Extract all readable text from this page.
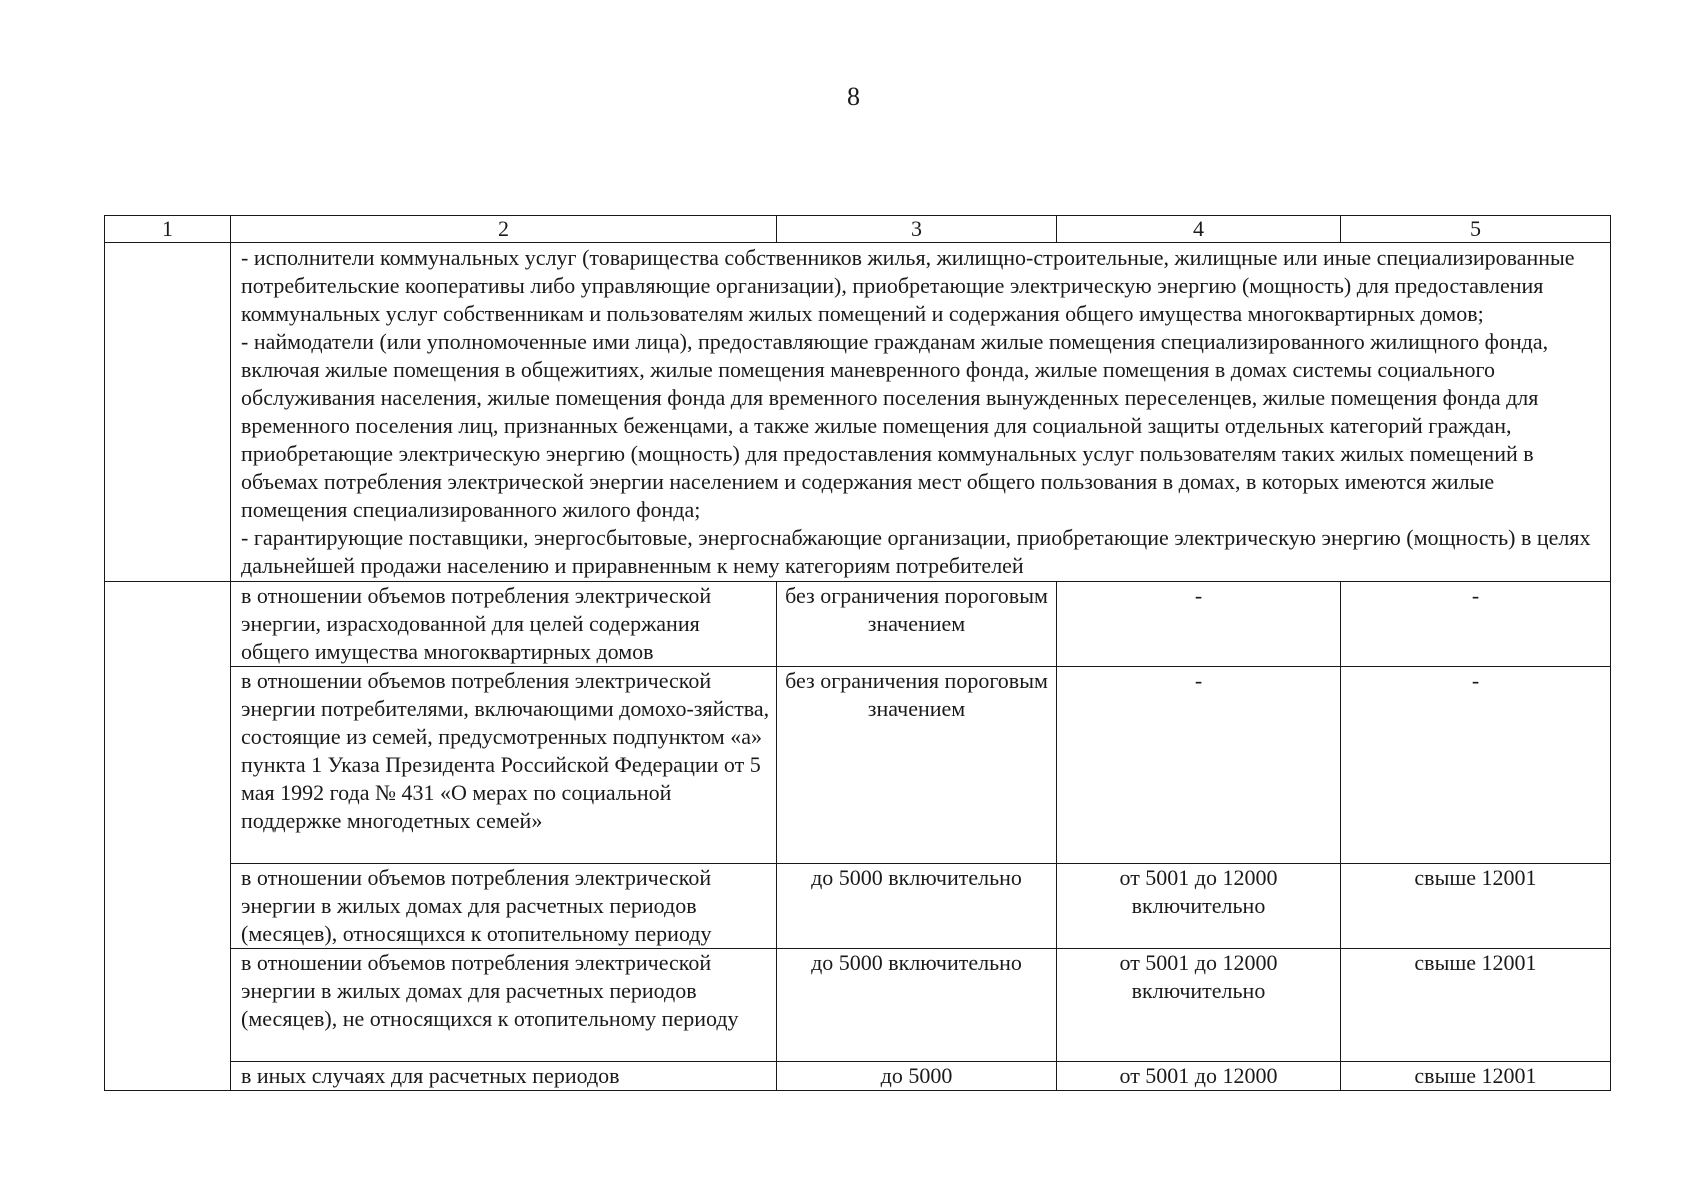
8
1	2	3	4	5

	- исполнители коммунальных услуг (товарищества собственников жилья, жилищно-строительные, жилищные или иные специализированные потребительские кооперативы либо управляющие организации), приобретающие электрическую энергию (мощность) для предоставления коммунальных услуг собственникам и пользователям жилых помещений и содержания общего имущества многоквартирных домов;

- наймодатели (или уполномоченные ими лица), предоставляющие гражданам жилые помещения специализированного жилищного фонда, включая жилые помещения в общежитиях, жилые помещения маневренного фонда, жилые помещения в домах системы социального обслуживания населения, жилые помещения фонда для временного поселения вынужденных переселенцев, жилые помещения фонда для временного поселения лиц, признанных беженцами, а также жилые помещения для социальной защиты отдельных категорий граждан, приобретающие электрическую энергию (мощность) для предоставления коммунальных услуг пользователям таких жилых помещений в объемах потребления электрической энергии населением и содержания мест общего пользования в домах, в которых имеются жилые помещения специализированного жилого фонда;

- гарантирующие поставщики, энергосбытовые, энергоснабжающие организации, приобретающие электрическую энергию (мощность) в целях дальнейшей продажи населению и приравненным к нему категориям потребителей			

	в отношении объемов потребления электрической энергии, израсходованной для целей содержания общего имущества многоквартирных домов	без ограничения пороговым значением	-	-
	в отношении объемов потребления электрической энергии потребителями, включающими домохо-зяйства, состоящие из семей, предусмотренных подпунктом «а» пункта 1 Указа Президента Российской Федерации от 5 мая 1992 года № 431 «О мерах по социальной поддержке многодетных семей»	без ограничения пороговым значением	-	-
	в отношении объемов потребления электрической энергии в жилых домах для расчетных периодов (месяцев), относящихся к отопительному периоду	до 5000 включительно	от 5001 до 12000 включительно	свыше 12001
	в отношении объемов потребления электрической энергии в жилых домах для расчетных периодов (месяцев), не относящихся к отопительному периоду	до 5000 включительно	от 5001 до 12000 включительно	свыше 12001
	в иных случаях для расчетных периодов	до 5000	от 5001 до 12000	свыше 12001
